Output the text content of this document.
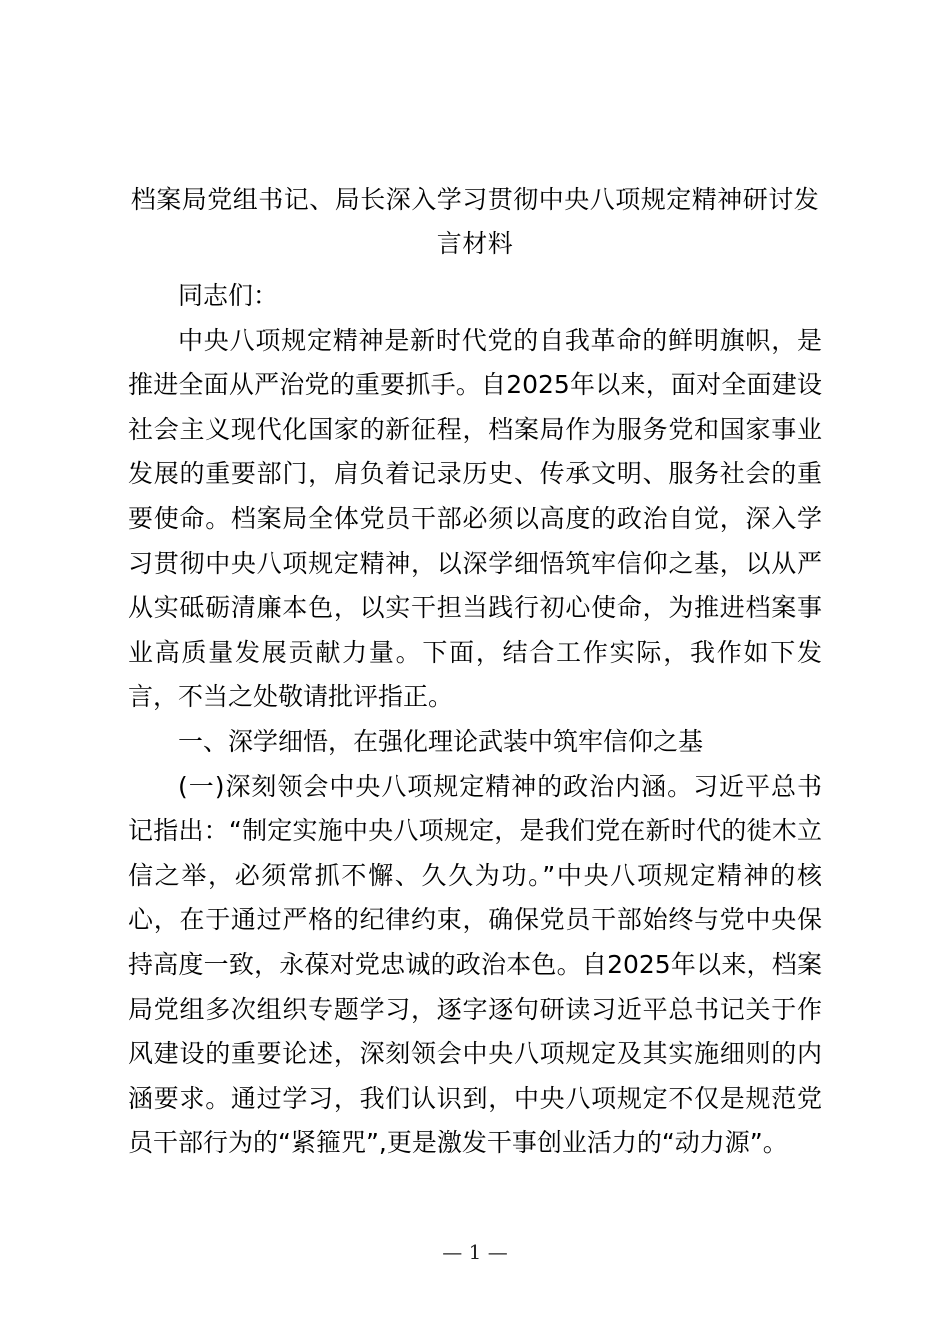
档案局党组书记、局长深入学习贯彻中央八项规定精神研讨发言材料

同志们：

中央八项规定精神是新时代党的自我革命的鲜明旗帜，是推进全面从严治党的重要抓手。自2025年以来，面对全面建设社会主义现代化国家的新征程，档案局作为服务党和国家事业发展的重要部门，肩负着记录历史、传承文明、服务社会的重要使命。档案局全体党员干部必须以高度的政治自觉，深入学习贯彻中央八项规定精神，以深学细悟筑牢信仰之基，以从严从实砥砺清廉本色，以实干担当践行初心使命，为推进档案事业高质量发展贡献力量。下面，结合工作实际，我作如下发言，不当之处敬请批评指正。

一、深学细悟，在强化理论武装中筑牢信仰之基

(一)深刻领会中央八项规定精神的政治内涵。习近平总书记指出：“制定实施中央八项规定，是我们党在新时代的徙木立信之举，必须常抓不懈、久久为功。”中央八项规定精神的核心，在于通过严格的纪律约束，确保党员干部始终与党中央保持高度一致，永葆对党忠诚的政治本色。自2025年以来，档案局党组多次组织专题学习，逐字逐句研读习近平总书记关于作风建设的重要论述，深刻领会中央八项规定及其实施细则的内涵要求。通过学习，我们认识到，中央八项规定不仅是规范党员干部行为的“紧箍咒”,更是激发干事创业活力的“动力源”。

— 1 —
